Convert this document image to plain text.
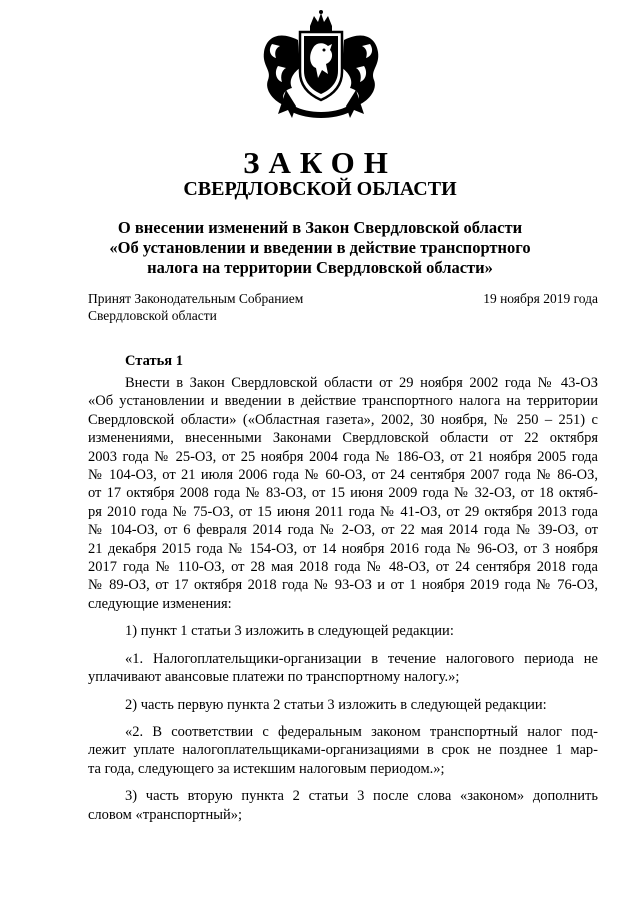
ЗАКОН
СВЕРДЛОВСКОЙ ОБЛАСТИ
О внесении изменений в Закон Свердловской области
«Об установлении и введении в действие транспортного
налога на территории Свердловской области»
Принят Законодательным Собранием
Свердловской области
19 ноября 2019 года
Статья 1

Внести в Закон Свердловской области от 29 ноября 2002 года № 43-ОЗ
«Об установлении и введении в действие транспортного налога на территории
Свердловской области» («Областная газета», 2002, 30 ноября, № 250 – 251) с
изменениями, внесенными Законами Свердловской области от 22 октября
2003 года № 25-ОЗ, от 25 ноября 2004 года № 186-ОЗ, от 21 ноября 2005 года
№ 104-ОЗ, от 21 июля 2006 года № 60-ОЗ, от 24 сентября 2007 года № 86-ОЗ,
от 17 октября 2008 года № 83-ОЗ, от 15 июня 2009 года № 32-ОЗ, от 18 октяб-
ря 2010 года № 75-ОЗ, от 15 июня 2011 года № 41-ОЗ, от 29 октября 2013 года
№ 104-ОЗ, от 6 февраля 2014 года № 2-ОЗ, от 22 мая 2014 года № 39-ОЗ, от
21 декабря 2015 года № 154-ОЗ, от 14 ноября 2016 года № 96-ОЗ, от 3 ноября
2017 года № 110-ОЗ, от 28 мая 2018 года № 48-ОЗ, от 24 сентября 2018 года
№ 89-ОЗ, от 17 октября 2018 года № 93-ОЗ и от 1 ноября 2019 года № 76-ОЗ,
следующие изменения:

1) пункт 1 статьи 3 изложить в следующей редакции:

«1. Налогоплательщики-организации в течение налогового периода не
уплачивают авансовые платежи по транспортному налогу.»;

2) часть первую пункта 2 статьи 3 изложить в следующей редакции:

«2. В соответствии с федеральным законом транспортный налог под-
лежит уплате налогоплательщиками-организациями в срок не позднее 1 мар-
та года, следующего за истекшим налоговым периодом.»;

3) часть вторую пункта 2 статьи 3 после слова «законом» дополнить
словом «транспортный»;
